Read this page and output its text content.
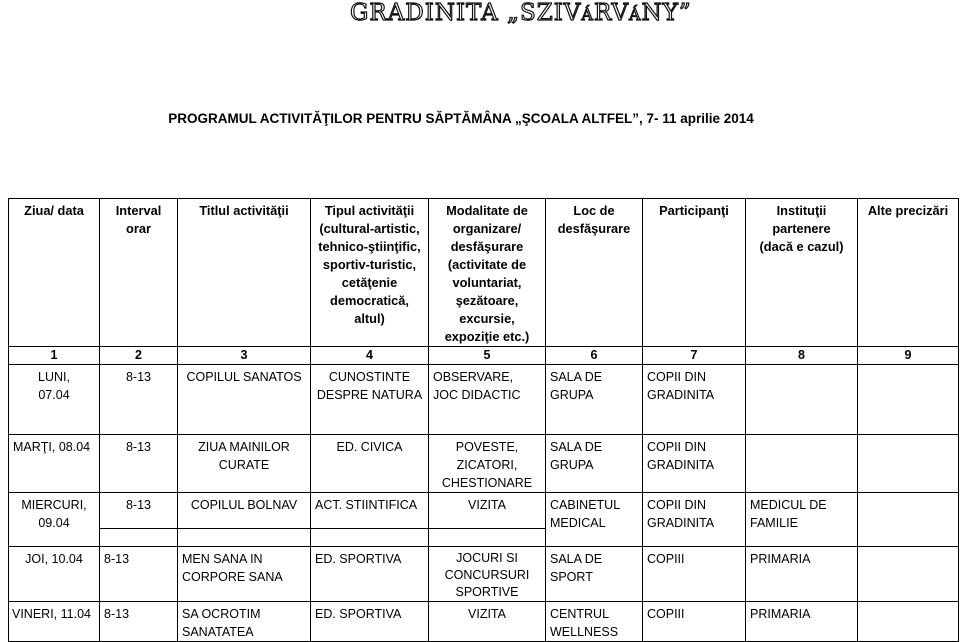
GRADINITA „SZIVáRVáNY”
PROGRAMUL ACTIVITĂŢILOR PENTRU SĂPTĂMÂNA „ŞCOALA ALTFEL”, 7- 11 aprilie 2014
Ziua/ data	Interval orar	Titlul activităţii	Tipul activităţii (cultural-artistic, tehnico-ştiinţific, sportiv-turistic, cetăţenie democratică, altul)	Modalitate de organizare/ desfăşurare (activitate de voluntariat, şezătoare, excursie, expoziţie etc.)	Loc de desfăşurare	Participanţi	Instituţii partenere (dacă e cazul)	Alte precizări
1	2	3	4	5	6	7	8	9

LUNI, 07.04	8-13	COPILUL SANATOS	CUNOSTINTE DESPRE NATURA	OBSERVARE, JOC DIDACTIC	SALA DE GRUPA	COPII DIN GRADINITA		

MARŢI, 08.04	8-13	ZIUA MAINILOR CURATE	ED. CIVICA	POVESTE, ZICATORI, CHESTIONARE	SALA DE GRUPA	COPII DIN GRADINITA		

MIERCURI, 09.04	8-13	COPILUL BOLNAV	ACT. STIINTIFICA	VIZITA	CABINETUL MEDICAL	COPII DIN GRADINITA	MEDICUL DE FAMILIE	

JOI, 10.04	8-13	MEN SANA IN CORPORE SANA	ED. SPORTIVA	JOCURI SI CONCURSURI SPORTIVE	SALA DE SPORT	COPIII	PRIMARIA	

VINERI, 11.04	8-13	SA OCROTIM SANATATEA	ED. SPORTIVA	VIZITA	CENTRUL WELLNESS	COPIII	PRIMARIA	
